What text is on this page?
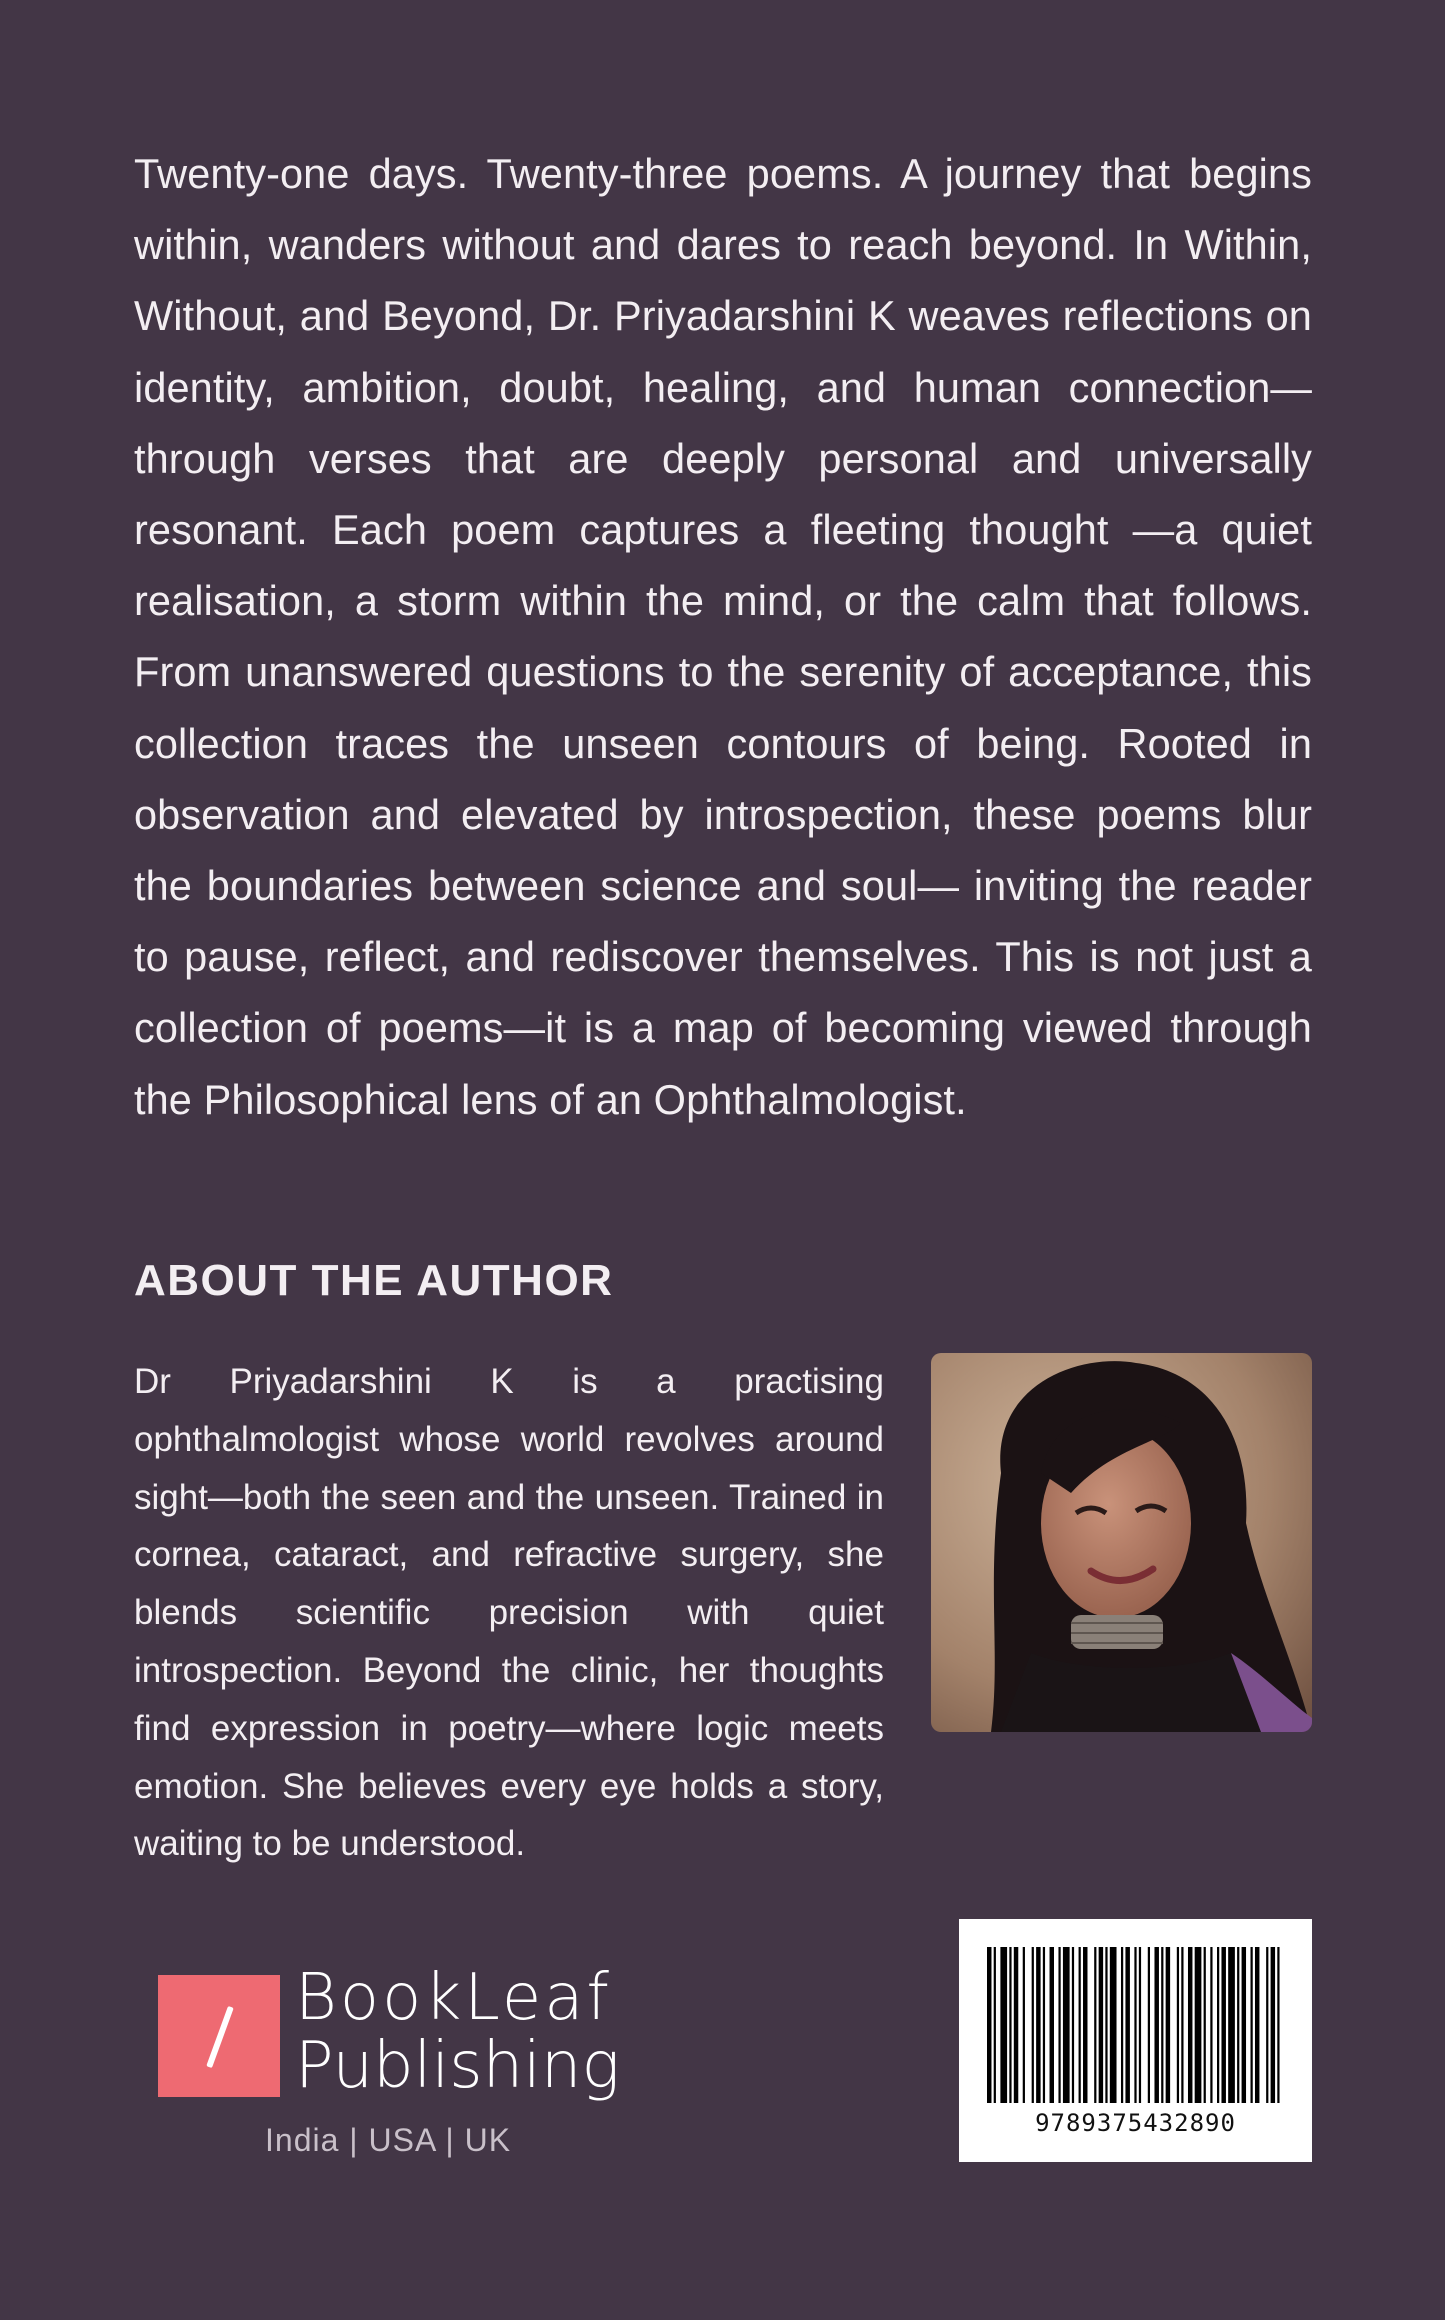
Twenty-one days. Twenty-three poems. A journey that begins within, wanders without and dares to reach beyond. In Within, Without, and Beyond, Dr. Priyadarshini K weaves reflections on identity, ambition, doubt, healing, and human connection—through verses that are deeply personal and universally resonant. Each poem captures a fleeting thought —a quiet realisation, a storm within the mind, or the calm that follows. From unanswered questions to the serenity of acceptance, this collection traces the unseen contours of being. Rooted in observation and elevated by introspection, these poems blur the boundaries between science and soul— inviting the reader to pause, reflect, and rediscover themselves. This is not just a collection of poems—it is a map of becoming viewed through the Philosophical lens of an Ophthalmologist.

ABOUT THE AUTHOR

Dr Priyadarshini K is a practising ophthalmologist whose world revolves around sight—both the seen and the unseen. Trained in cornea, cataract, and refractive surgery, she blends scientific precision with quiet introspection. Beyond the clinic, her thoughts find expression in poetry—where logic meets emotion. She believes every eye holds a story, waiting to be understood.

BookLeaf
Publishing
India | USA | UK	9789375432890
